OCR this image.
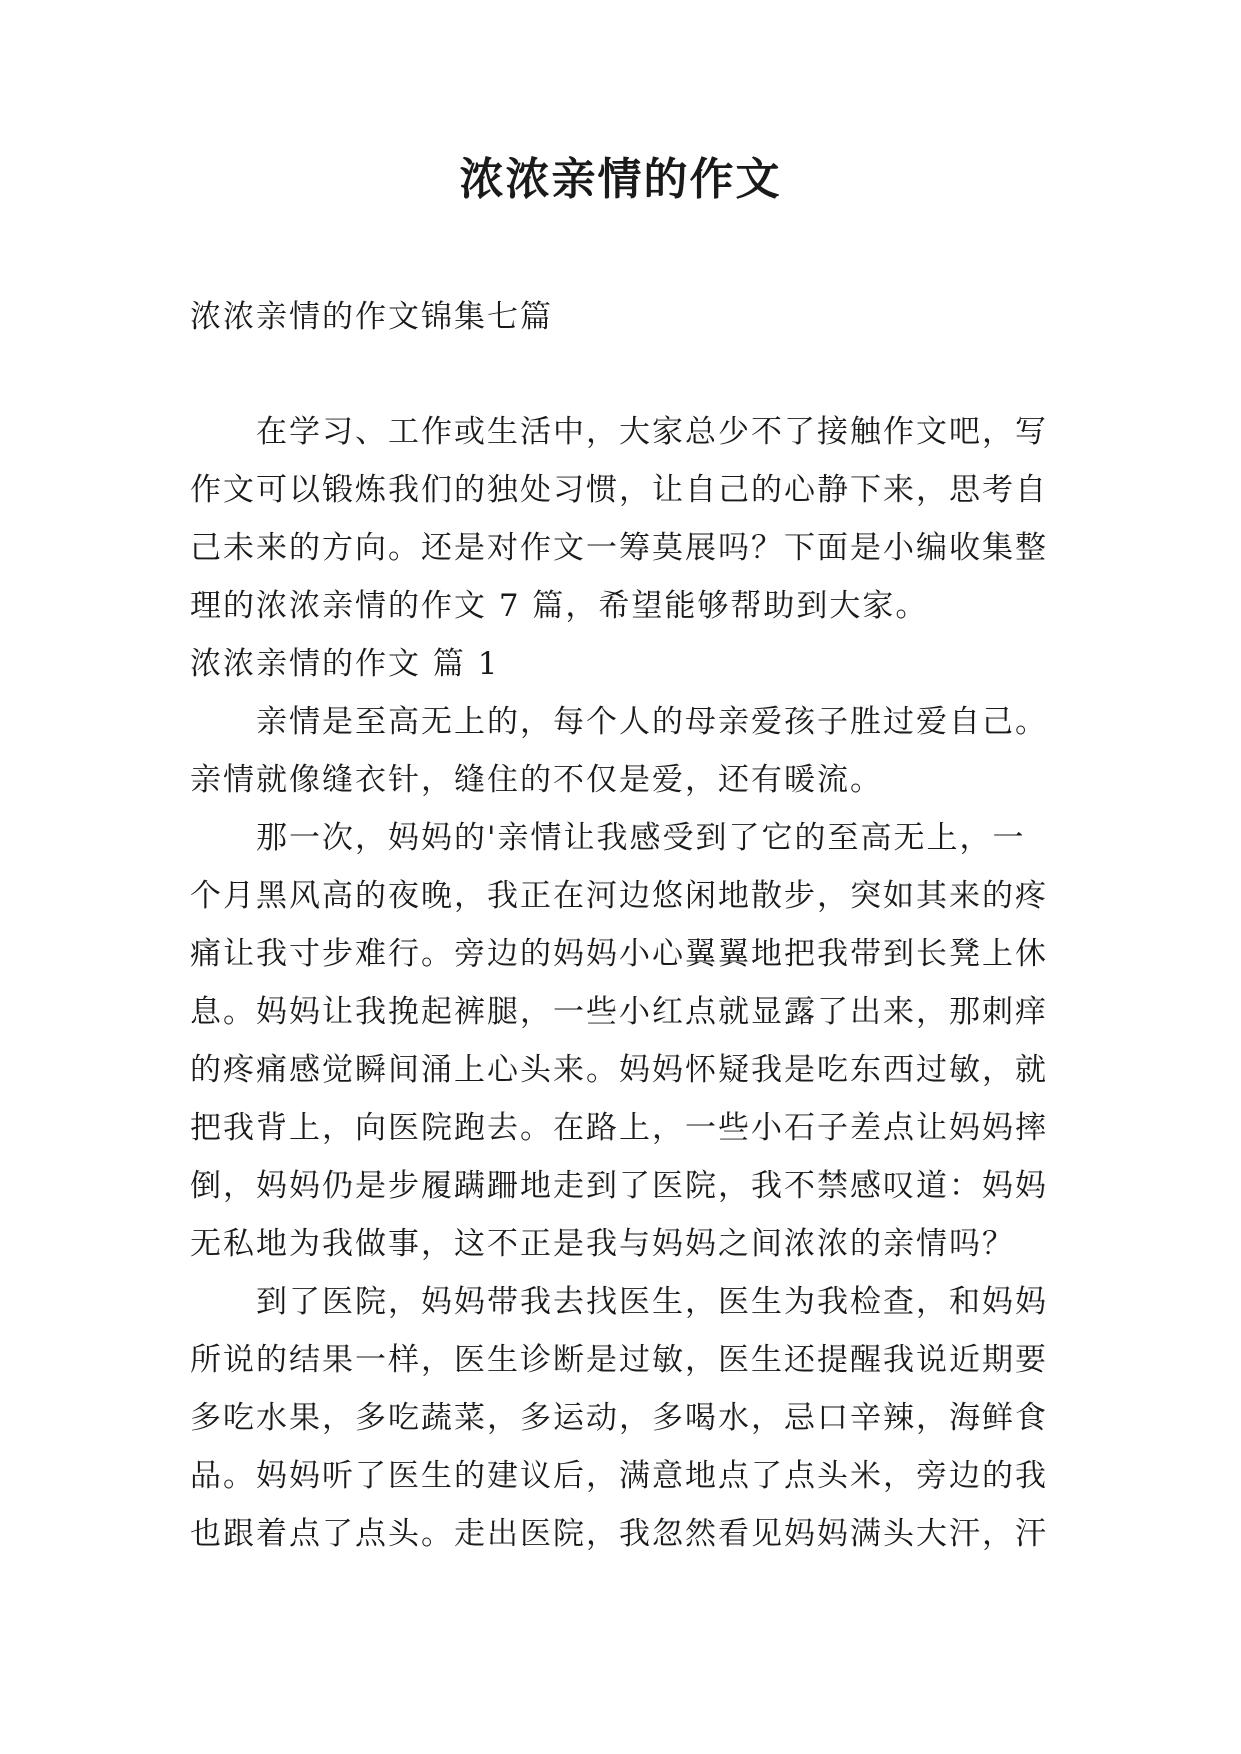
浓浓亲情的作文

浓浓亲情的作文锦集七篇

在学习、工作或生活中，大家总少不了接触作文吧，写
作文可以锻炼我们的独处习惯，让自己的心静下来，思考自
己未来的方向。还是对作文一筹莫展吗？下面是小编收集整
理的浓浓亲情的作文 7 篇，希望能够帮助到大家。
浓浓亲情的作文 篇 1
亲情是至高无上的，每个人的母亲爱孩子胜过爱自己。
亲情就像缝衣针，缝住的不仅是爱，还有暖流。
那一次，妈妈的'亲情让我感受到了它的至高无上，一
个月黑风高的夜晚，我正在河边悠闲地散步，突如其来的疼
痛让我寸步难行。旁边的妈妈小心翼翼地把我带到长凳上休
息。妈妈让我挽起裤腿，一些小红点就显露了出来，那刺痒
的疼痛感觉瞬间涌上心头来。妈妈怀疑我是吃东西过敏，就
把我背上，向医院跑去。在路上，一些小石子差点让妈妈摔
倒，妈妈仍是步履蹒跚地走到了医院，我不禁感叹道：妈妈
无私地为我做事，这不正是我与妈妈之间浓浓的亲情吗？
到了医院，妈妈带我去找医生，医生为我检查，和妈妈
所说的结果一样，医生诊断是过敏，医生还提醒我说近期要
多吃水果，多吃蔬菜，多运动，多喝水，忌口辛辣，海鲜食
品。妈妈听了医生的建议后，满意地点了点头米，旁边的我
也跟着点了点头。走出医院，我忽然看见妈妈满头大汗，汗
